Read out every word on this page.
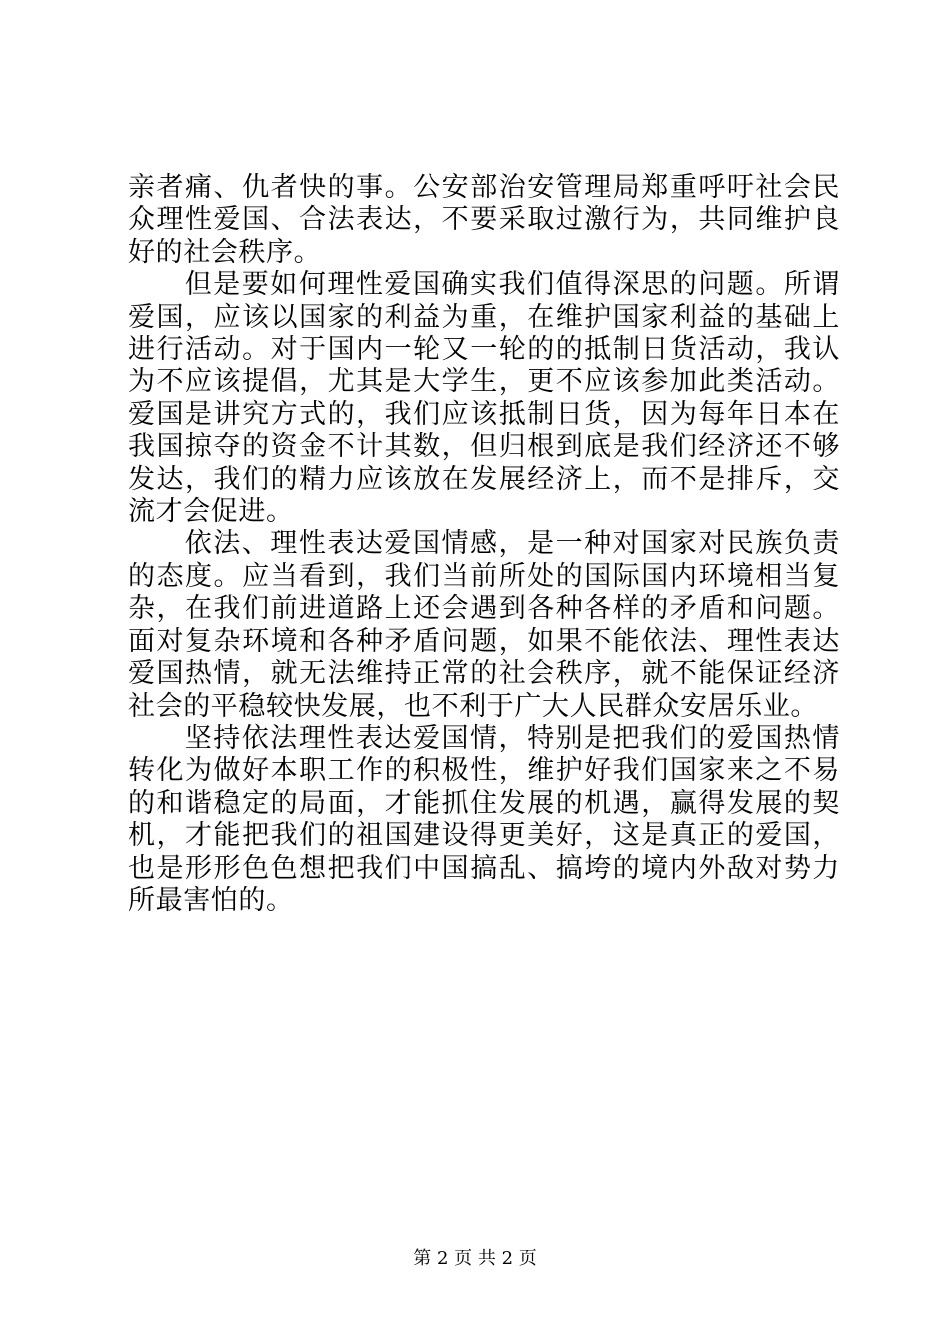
亲者痛、仇者快的事。公安部治安管理局郑重呼吁社会民众理性爱国、合法表达，不要采取过激行为，共同维护良好的社会秩序。

但是要如何理性爱国确实我们值得深思的问题。所谓爱国，应该以国家的利益为重，在维护国家利益的基础上进行活动。对于国内一轮又一轮的的抵制日货活动，我认为不应该提倡，尤其是大学生，更不应该参加此类活动。爱国是讲究方式的，我们应该抵制日货，因为每年日本在我国掠夺的资金不计其数，但归根到底是我们经济还不够发达，我们的精力应该放在发展经济上，而不是排斥，交流才会促进。

依法、理性表达爱国情感，是一种对国家对民族负责的态度。应当看到，我们当前所处的国际国内环境相当复杂，在我们前进道路上还会遇到各种各样的矛盾和问题。面对复杂环境和各种矛盾问题，如果不能依法、理性表达爱国热情，就无法维持正常的社会秩序，就不能保证经济社会的平稳较快发展，也不利于广大人民群众安居乐业。

坚持依法理性表达爱国情，特别是把我们的爱国热情转化为做好本职工作的积极性，维护好我们国家来之不易的和谐稳定的局面，才能抓住发展的机遇，赢得发展的契机，才能把我们的祖国建设得更美好，这是真正的爱国，也是形形色色想把我们中国搞乱、搞垮的境内外敌对势力所最害怕的。

第 2 页 共 2 页
